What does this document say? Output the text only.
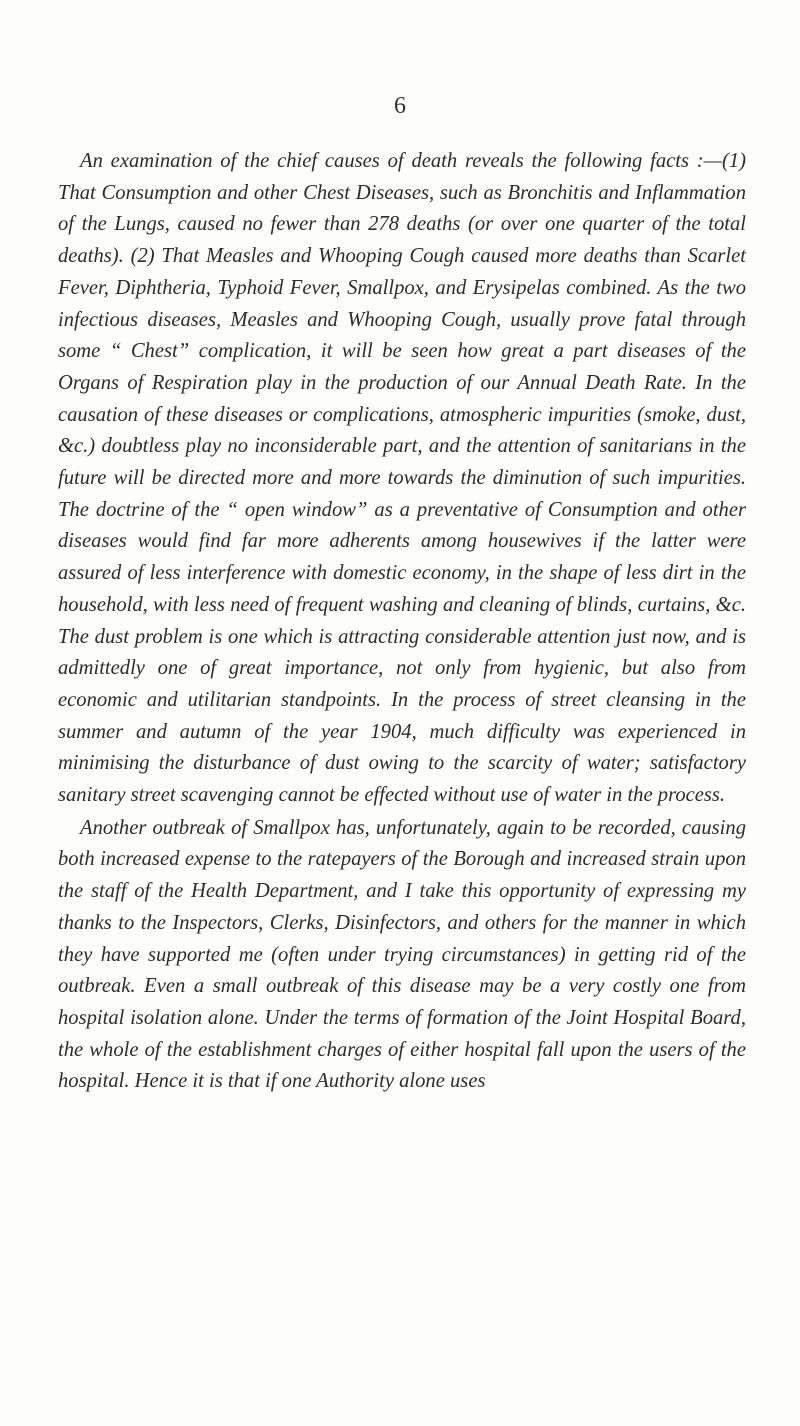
6

An examination of the chief causes of death reveals the following facts :—(1) That Consumption and other Chest Diseases, such as Bronchitis and Inflammation of the Lungs, caused no fewer than 278 deaths (or over one quarter of the total deaths). (2) That Measles and Whooping Cough caused more deaths than Scarlet Fever, Diphtheria, Typhoid Fever, Smallpox, and Erysipelas combined. As the two infectious diseases, Measles and Whooping Cough, usually prove fatal through some “ Chest” complication, it will be seen how great a part diseases of the Organs of Respiration play in the production of our Annual Death Rate. In the causation of these diseases or complications, atmospheric impurities (smoke, dust, &c.) doubtless play no inconsiderable part, and the attention of sanitarians in the future will be directed more and more towards the diminution of such impurities. The doctrine of the “ open window” as a preventative of Consumption and other diseases would find far more adherents among housewives if the latter were assured of less interference with domestic economy, in the shape of less dirt in the household, with less need of frequent washing and cleaning of blinds, curtains, &c. The dust problem is one which is attracting considerable attention just now, and is admittedly one of great importance, not only from hygienic, but also from economic and utilitarian standpoints. In the process of street cleansing in the summer and autumn of the year 1904, much difficulty was experienced in minimising the disturbance of dust owing to the scarcity of water; satisfactory sanitary street scavenging cannot be effected without use of water in the process.

Another outbreak of Smallpox has, unfortunately, again to be recorded, causing both increased expense to the ratepayers of the Borough and increased strain upon the staff of the Health Department, and I take this opportunity of expressing my thanks to the Inspectors, Clerks, Disinfectors, and others for the manner in which they have supported me (often under trying circumstances) in getting rid of the outbreak. Even a small outbreak of this disease may be a very costly one from hospital isolation alone. Under the terms of formation of the Joint Hospital Board, the whole of the establishment charges of either hospital fall upon the users of the hospital. Hence it is that if one Authority alone uses
